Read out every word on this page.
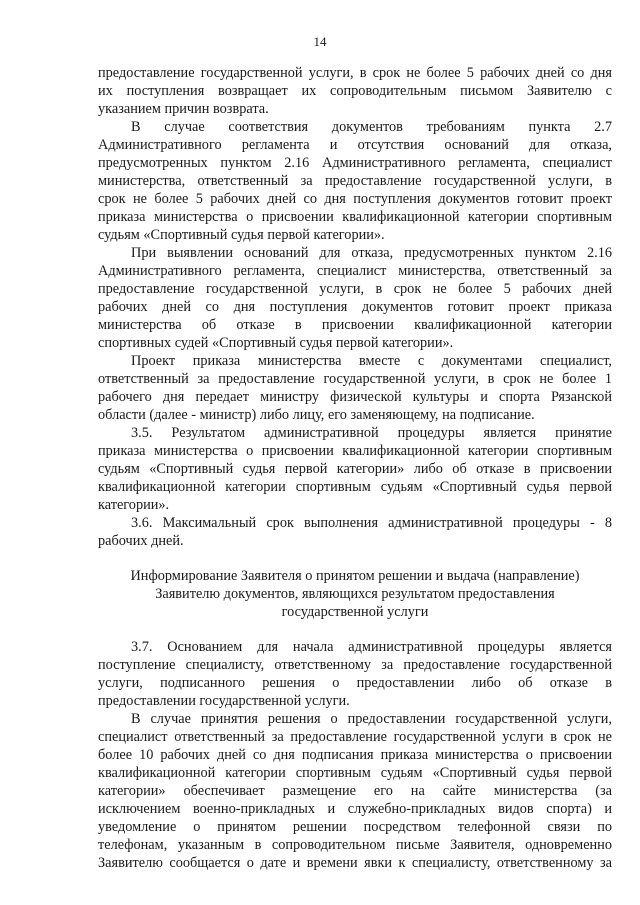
14
предоставление государственной услуги, в срок не более 5 рабочих дней со дня
их поступления возвращает их сопроводительным письмом Заявителю с
указанием причин возврата.
В случае соответствия документов требованиям пункта 2.7
Административного регламента и отсутствия оснований для отказа,
предусмотренных пунктом 2.16 Административного регламента, специалист
министерства, ответственный за предоставление государственной услуги, в
срок не более 5 рабочих дней со дня поступления документов готовит проект
приказа министерства о присвоении квалификационной категории спортивным
судьям «Спортивный судья первой категории».
При выявлении оснований для отказа, предусмотренных пунктом 2.16
Административного регламента, специалист министерства, ответственный за
предоставление государственной услуги, в срок не более 5 рабочих дней
рабочих дней со дня поступления документов готовит проект приказа
министерства об отказе в присвоении квалификационной категории
спортивных судей «Спортивный судья первой категории».
Проект приказа министерства вместе с документами специалист,
ответственный за предоставление государственной услуги, в срок не более 1
рабочего дня передает министру физической культуры и спорта Рязанской
области (далее - министр) либо лицу, его заменяющему, на подписание.
3.5. Результатом административной процедуры является принятие
приказа министерства о присвоении квалификационной категории спортивным
судьям «Спортивный судья первой категории» либо об отказе в присвоении
квалификационной категории спортивным судьям «Спортивный судья первой
категории».
3.6. Максимальный срок выполнения административной процедуры - 8
рабочих дней.
Информирование Заявителя о принятом решении и выдача (направление)
Заявителю документов, являющихся результатом предоставления
государственной услуги
3.7. Основанием для начала административной процедуры является
поступление специалисту, ответственному за предоставление государственной
услуги, подписанного решения о предоставлении либо об отказе в
предоставлении государственной услуги.
В случае принятия решения о предоставлении государственной услуги,
специалист ответственный за предоставление государственной услуги в срок не
более 10 рабочих дней со дня подписания приказа министерства о присвоении
квалификационной категории спортивным судьям «Спортивный судья первой
категории» обеспечивает размещение его на сайте министерства (за
исключением военно-прикладных и служебно-прикладных видов спорта) и
уведомление о принятом решении посредством телефонной связи по
телефонам, указанным в сопроводительном письме Заявителя, одновременно
Заявителю сообщается о дате и времени явки к специалисту, ответственному за
